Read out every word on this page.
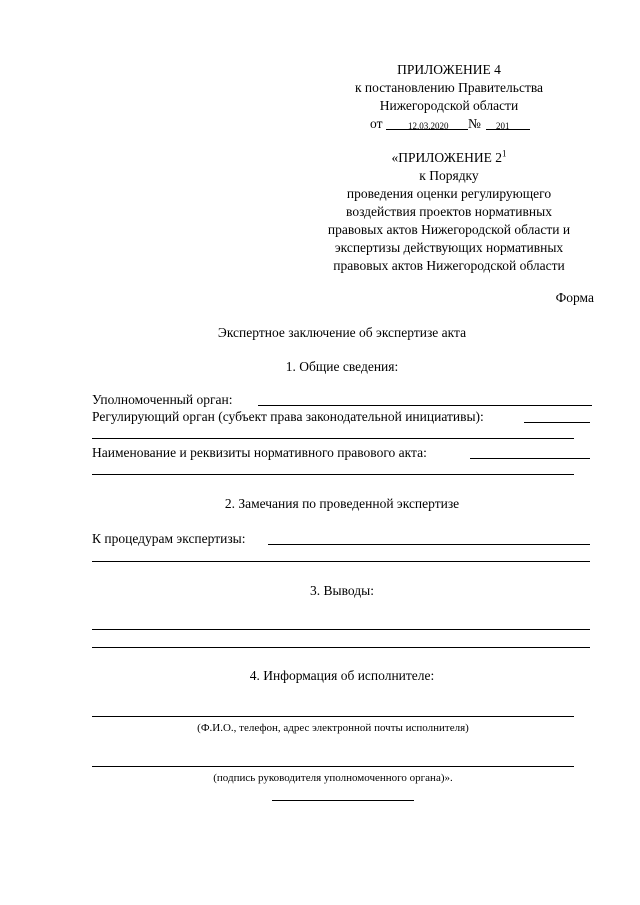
ПРИЛОЖЕНИЕ 4
к постановлению Правительства
Нижегородской области
от	12.03.2020 № 201
«ПРИЛОЖЕНИЕ $2^1$
к Порядку
проведения оценки регулирующего
воздействия проектов нормативных
правовых актов Нижегородской области и
экспертизы действующих нормативных
правовых актов Нижегородской области
Форма
Экспертное заключение об экспертизе акта
1. Общие сведения:
Уполномоченный орган:
Регулирующий орган (субъект права законодательной инициативы):
Наименование и реквизиты нормативного правового акта:
2. Замечания по проведенной экспертизе
К процедурам экспертизы:
3. Выводы:
4. Информация об исполнителе:
(Ф.И.О., телефон, адрес электронной почты исполнителя)
(подпись руководителя уполномоченного органа)».
